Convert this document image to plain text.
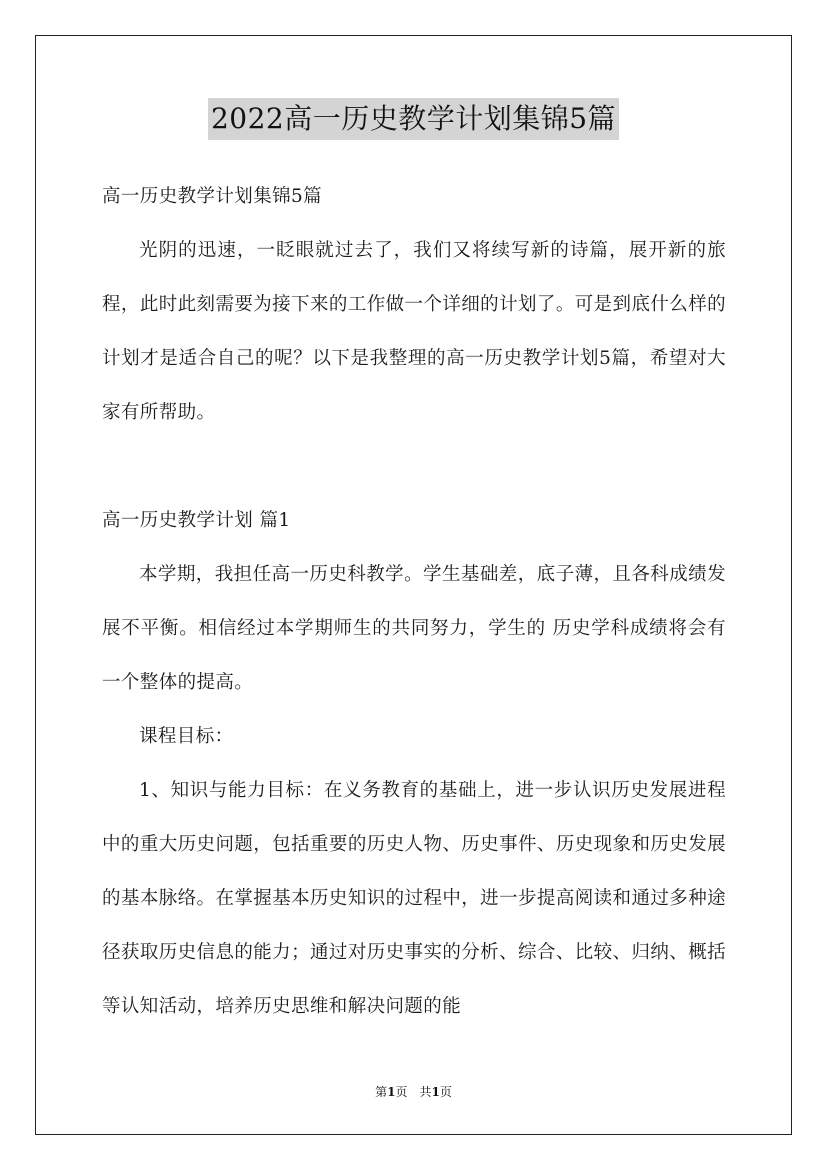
2022高一历史教学计划集锦5篇
高一历史教学计划集锦5篇

光阴的迅速，一眨眼就过去了，我们又将续写新的诗篇，展开新的旅程，此时此刻需要为接下来的工作做一个详细的计划了。可是到底什么样的计划才是适合自己的呢？以下是我整理的高一历史教学计划5篇，希望对大家有所帮助。

高一历史教学计划 篇1

本学期，我担任高一历史科教学。学生基础差，底子薄，且各科成绩发展不平衡。相信经过本学期师生的共同努力，学生的 历史学科成绩将会有一个整体的提高。

课程目标：

1、知识与能力目标：在义务教育的基础上，进一步认识历史发展进程中的重大历史问题，包括重要的历史人物、历史事件、历史现象和历史发展的基本脉络。在掌握基本历史知识的过程中，进一步提高阅读和通过多种途径获取历史信息的能力；通过对历史事实的分析、综合、比较、归纳、概括等认知活动，培养历史思维和解决问题的能

第1页　共1页
